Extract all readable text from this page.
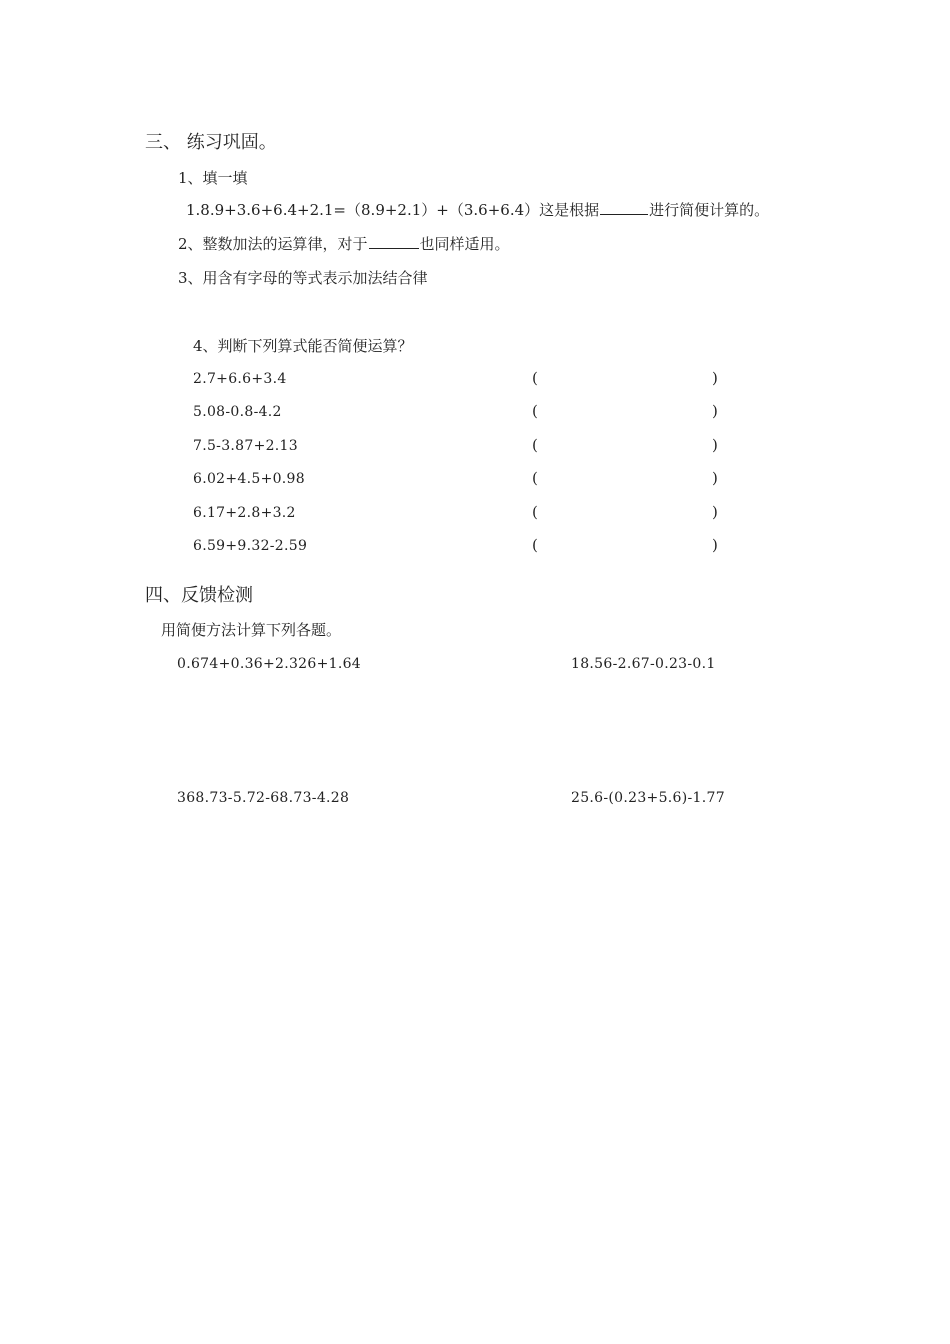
三、 练习巩固。
1、填一填
1.8.9+3.6+6.4+2.1=（8.9+2.1）+（3.6+6.4）这是根据	进行简便计算的。
2、整数加法的运算律，对于	也同样适用。
3、用含有字母的等式表示加法结合律
4、判断下列算式能否简便运算？
2.7+6.6+3.4	(	)
5.08-0.8-4.2	(	)
7.5-3.87+2.13	(	)
6.02+4.5+0.98	(	)
6.17+2.8+3.2	(	)
6.59+9.32-2.59	(	)
四、反馈检测
用简便方法计算下列各题。
0.674+0.36+2.326+1.64	18.56-2.67-0.23-0.1
368.73-5.72-68.73-4.28	25.6-(0.23+5.6)-1.77
